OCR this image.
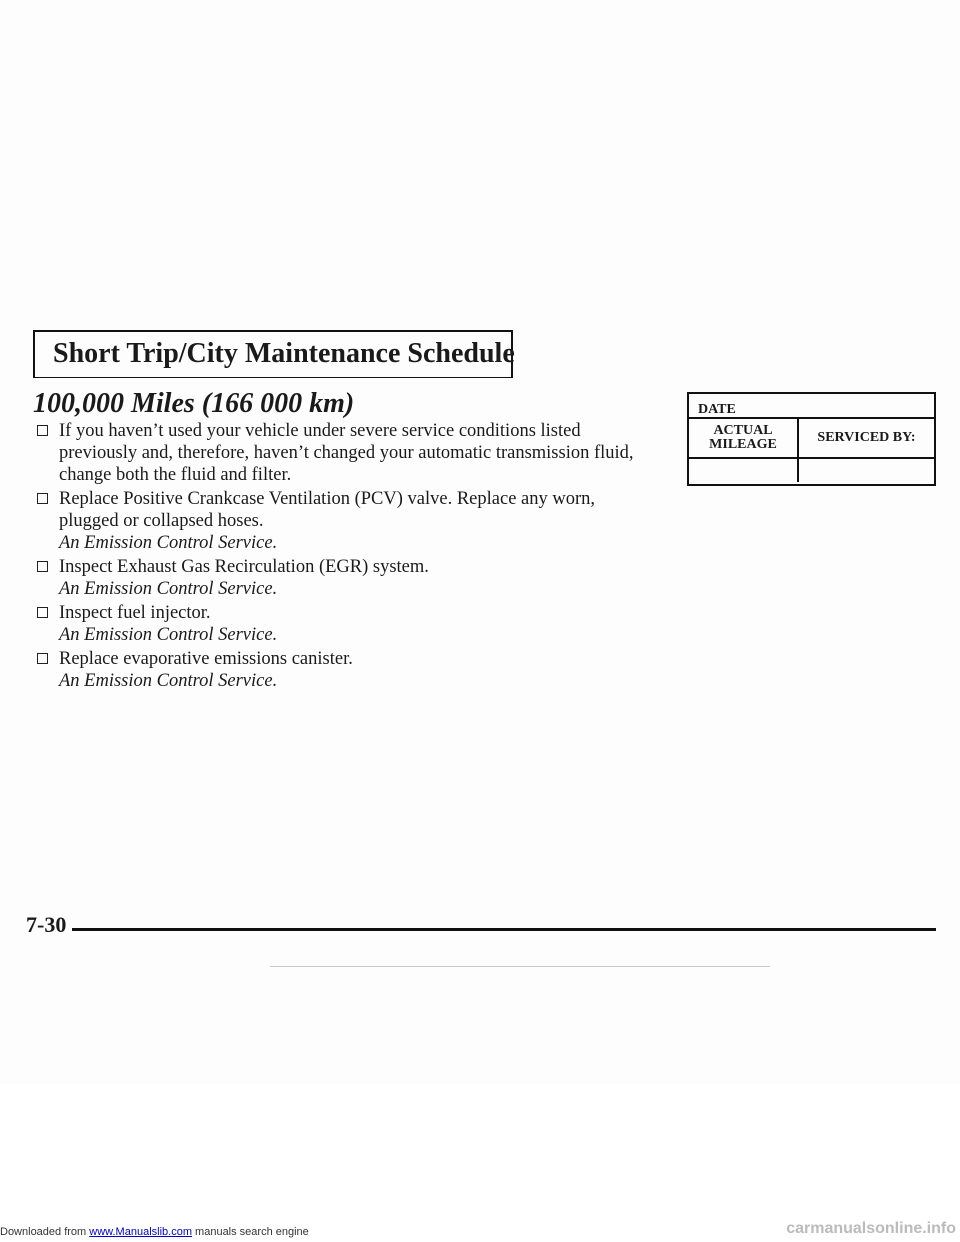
Short Trip/City Maintenance Schedule
100,000 Miles (166 000 km)
If you haven’t used your vehicle under severe service conditions listed previously and, therefore, haven’t changed your automatic transmission fluid, change both the fluid and filter.
Replace Positive Crankcase Ventilation (PCV) valve. Replace any worn, plugged or collapsed hoses.
An Emission Control Service.
Inspect Exhaust Gas Recirculation (EGR) system.
An Emission Control Service.
Inspect fuel injector.
An Emission Control Service.
Replace evaporative emissions canister.
An Emission Control Service.
DATE
ACTUAL MILEAGE	SERVICED BY:
7-30
Downloaded from www.Manualslib.com manuals search engine	carmanualsonline.info
